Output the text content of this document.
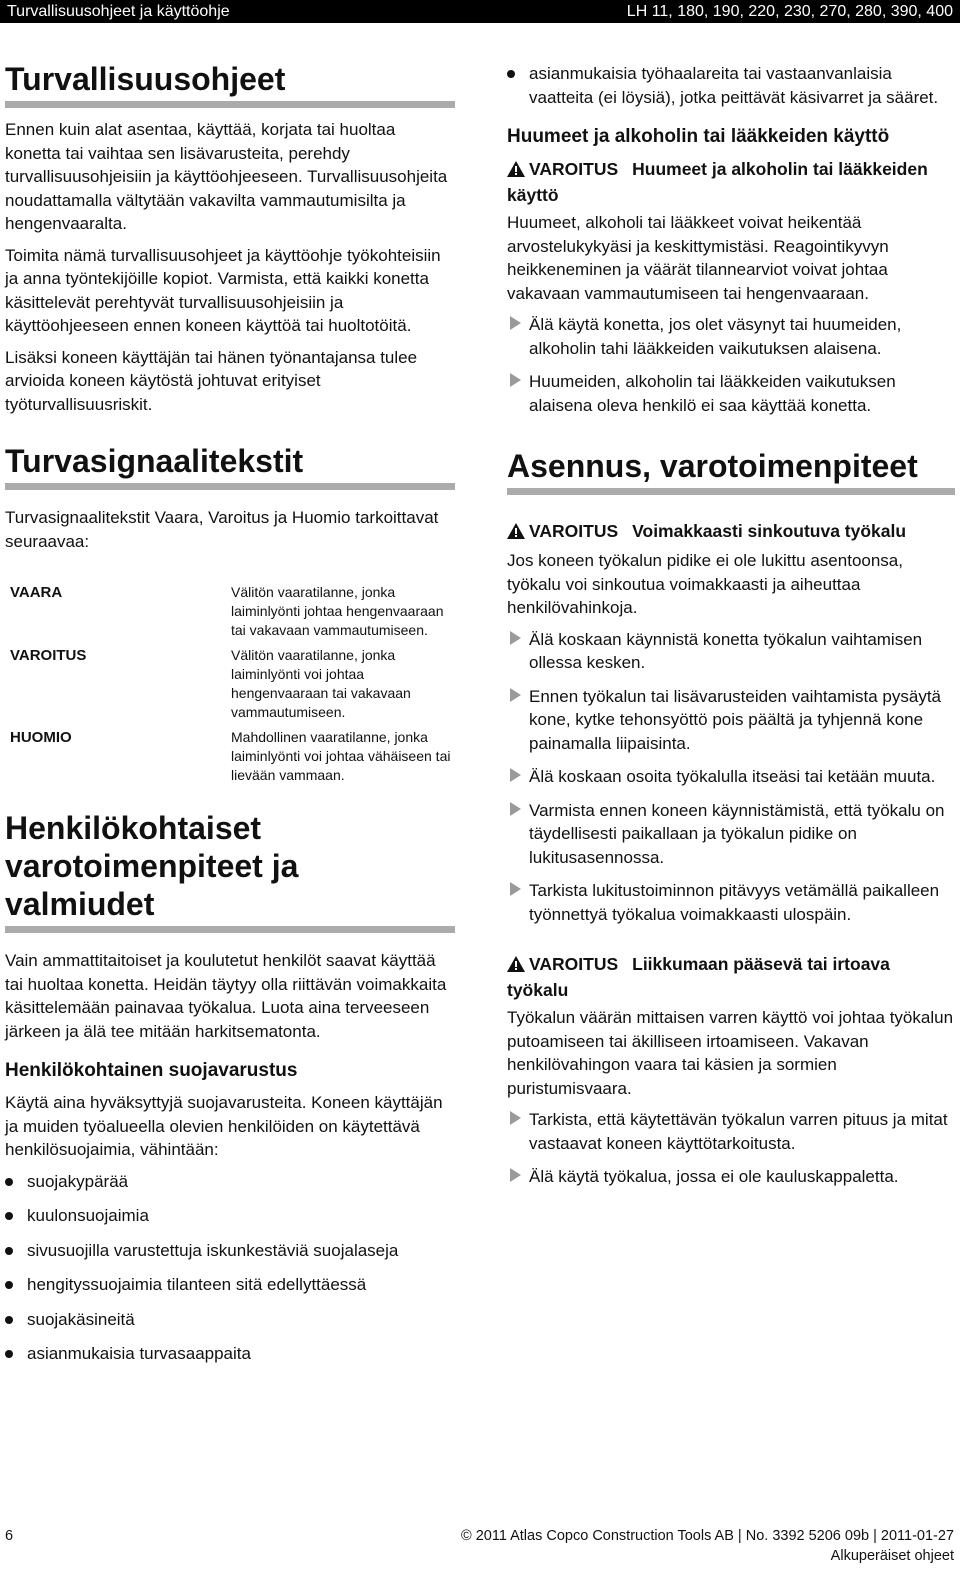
Turvallisuusohjeet ja käyttöohje	LH 11, 180, 190, 220, 230, 270, 280, 390, 400
Turvallisuusohjeet

Ennen kuin alat asentaa, käyttää, korjata tai huoltaa konetta tai vaihtaa sen lisävarusteita, perehdy turvallisuusohjeisiin ja käyttöohjeeseen. Turvallisuusohjeita noudattamalla vältytään vakavilta vammautumisilta ja hengenvaaralta.

Toimita nämä turvallisuusohjeet ja käyttöohje työkohteisiin ja anna työntekijöille kopiot. Varmista, että kaikki konetta käsittelevät perehtyvät turvallisuusohjeisiin ja käyttöohjeeseen ennen koneen käyttöä tai huoltotöitä.

Lisäksi koneen käyttäjän tai hänen työnantajansa tulee arvioida koneen käytöstä johtuvat erityiset työturvallisuusriskit.

Turvasignaalitekstit

Turvasignaalitekstit Vaara, Varoitus ja Huomio tarkoittavat seuraavaa:

VAARA	Välitön vaaratilanne, jonka laiminlyönti johtaa hengenvaaraan tai vakavaan vammautumiseen.
VAROITUS	Välitön vaaratilanne, jonka laiminlyönti voi johtaa hengenvaaraan tai vakavaan vammautumiseen.
HUOMIO	Mahdollinen vaaratilanne, jonka laiminlyönti voi johtaa vähäiseen tai lievään vammaan.
Henkilökohtaiset
varotoimenpiteet ja valmiudet

Vain ammattitaitoiset ja koulutetut henkilöt saavat käyttää tai huoltaa konetta. Heidän täytyy olla riittävän voimakkaita käsittelemään painavaa työkalua. Luota aina terveeseen järkeen ja älä tee mitään harkitsematonta.

Henkilökohtainen suojavarustus

Käytä aina hyväksyttyjä suojavarusteita. Koneen käyttäjän ja muiden työalueella olevien henkilöiden on käytettävä henkilösuojaimia, vähintään:

suojakypärää
kuulonsuojaimia
sivusuojilla varustettuja iskunkestäviä suojalaseja
hengityssuojaimia tilanteen sitä edellyttäessä
suojakäsineitä
asianmukaisia turvasaappaita
asianmukaisia työhaalareita tai vastaanvanlaisia vaatteita (ei löysiä), jotka peittävät käsivarret ja sääret.
Huumeet ja alkoholin tai lääkkeiden käyttö
VAROITUS Huumeet ja alkoholin tai lääkkeiden käyttö

Huumeet, alkoholi tai lääkkeet voivat heikentää arvostelukykyäsi ja keskittymistäsi. Reagointikyvyn heikkeneminen ja väärät tilannearviot voivat johtaa vakavaan vammautumiseen tai hengenvaaraan.

Älä käytä konetta, jos olet väsynyt tai huumeiden, alkoholin tahi lääkkeiden vaikutuksen alaisena.
Huumeiden, alkoholin tai lääkkeiden vaikutuksen alaisena oleva henkilö ei saa käyttää konetta.
Asennus, varotoimenpiteet
VAROITUS Voimakkaasti sinkoutuva työkalu

Jos koneen työkalun pidike ei ole lukittu asentoonsa, työkalu voi sinkoutua voimakkaasti ja aiheuttaa henkilövahinkoja.

Älä koskaan käynnistä konetta työkalun vaihtamisen ollessa kesken.
Ennen työkalun tai lisävarusteiden vaihtamista pysäytä kone, kytke tehonsyöttö pois päältä ja tyhjennä kone painamalla liipaisinta.
Älä koskaan osoita työkalulla itseäsi tai ketään muuta.
Varmista ennen koneen käynnistämistä, että työkalu on täydellisesti paikallaan ja työkalun pidike on lukitusasennossa.
Tarkista lukitustoiminnon pitävyys vetämällä paikalleen työnnettyä työkalua voimakkaasti ulospäin.
VAROITUS Liikkumaan pääsevä tai irtoava työkalu

Työkalun väärän mittaisen varren käyttö voi johtaa työkalun putoamiseen tai äkilliseen irtoamiseen. Vakavan henkilövahingon vaara tai käsien ja sormien puristumisvaara.

Tarkista, että käytettävän työkalun varren pituus ja mitat vastaavat koneen käyttötarkoitusta.
Älä käytä työkalua, jossa ei ole kauluskappaletta.
6	© 2011 Atlas Copco Construction Tools AB | No. 3392 5206 09b | 2011-01-27
Alkuperäiset ohjeet
